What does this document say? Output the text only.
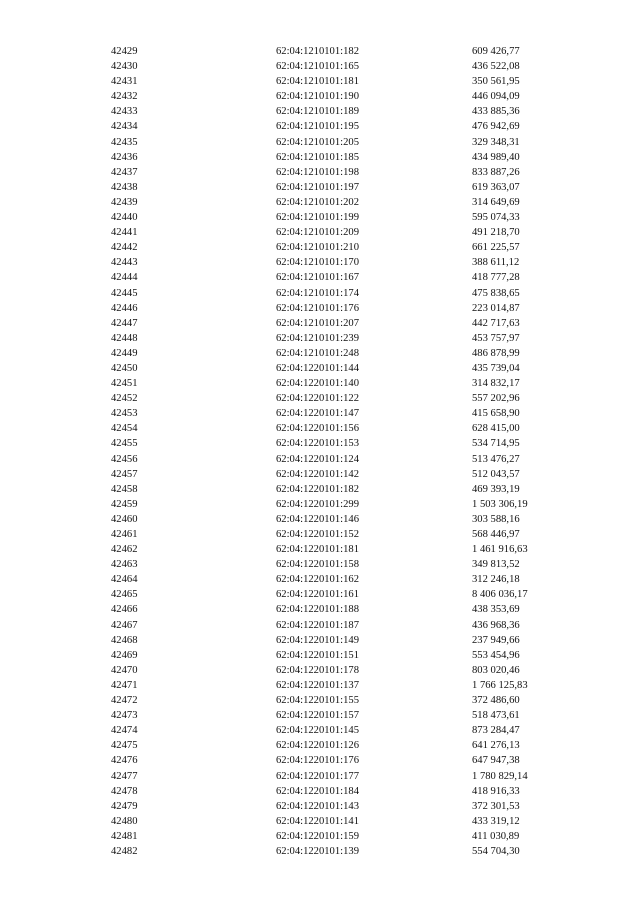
42429	62:04:1210101:182	609 426,77
42430	62:04:1210101:165	436 522,08
42431	62:04:1210101:181	350 561,95
42432	62:04:1210101:190	446 094,09
42433	62:04:1210101:189	433 885,36
42434	62:04:1210101:195	476 942,69
42435	62:04:1210101:205	329 348,31
42436	62:04:1210101:185	434 989,40
42437	62:04:1210101:198	833 887,26
42438	62:04:1210101:197	619 363,07
42439	62:04:1210101:202	314 649,69
42440	62:04:1210101:199	595 074,33
42441	62:04:1210101:209	491 218,70
42442	62:04:1210101:210	661 225,57
42443	62:04:1210101:170	388 611,12
42444	62:04:1210101:167	418 777,28
42445	62:04:1210101:174	475 838,65
42446	62:04:1210101:176	223 014,87
42447	62:04:1210101:207	442 717,63
42448	62:04:1210101:239	453 757,97
42449	62:04:1210101:248	486 878,99
42450	62:04:1220101:144	435 739,04
42451	62:04:1220101:140	314 832,17
42452	62:04:1220101:122	557 202,96
42453	62:04:1220101:147	415 658,90
42454	62:04:1220101:156	628 415,00
42455	62:04:1220101:153	534 714,95
42456	62:04:1220101:124	513 476,27
42457	62:04:1220101:142	512 043,57
42458	62:04:1220101:182	469 393,19
42459	62:04:1220101:299	1 503 306,19
42460	62:04:1220101:146	303 588,16
42461	62:04:1220101:152	568 446,97
42462	62:04:1220101:181	1 461 916,63
42463	62:04:1220101:158	349 813,52
42464	62:04:1220101:162	312 246,18
42465	62:04:1220101:161	8 406 036,17
42466	62:04:1220101:188	438 353,69
42467	62:04:1220101:187	436 968,36
42468	62:04:1220101:149	237 949,66
42469	62:04:1220101:151	553 454,96
42470	62:04:1220101:178	803 020,46
42471	62:04:1220101:137	1 766 125,83
42472	62:04:1220101:155	372 486,60
42473	62:04:1220101:157	518 473,61
42474	62:04:1220101:145	873 284,47
42475	62:04:1220101:126	641 276,13
42476	62:04:1220101:176	647 947,38
42477	62:04:1220101:177	1 780 829,14
42478	62:04:1220101:184	418 916,33
42479	62:04:1220101:143	372 301,53
42480	62:04:1220101:141	433 319,12
42481	62:04:1220101:159	411 030,89
42482	62:04:1220101:139	554 704,30
